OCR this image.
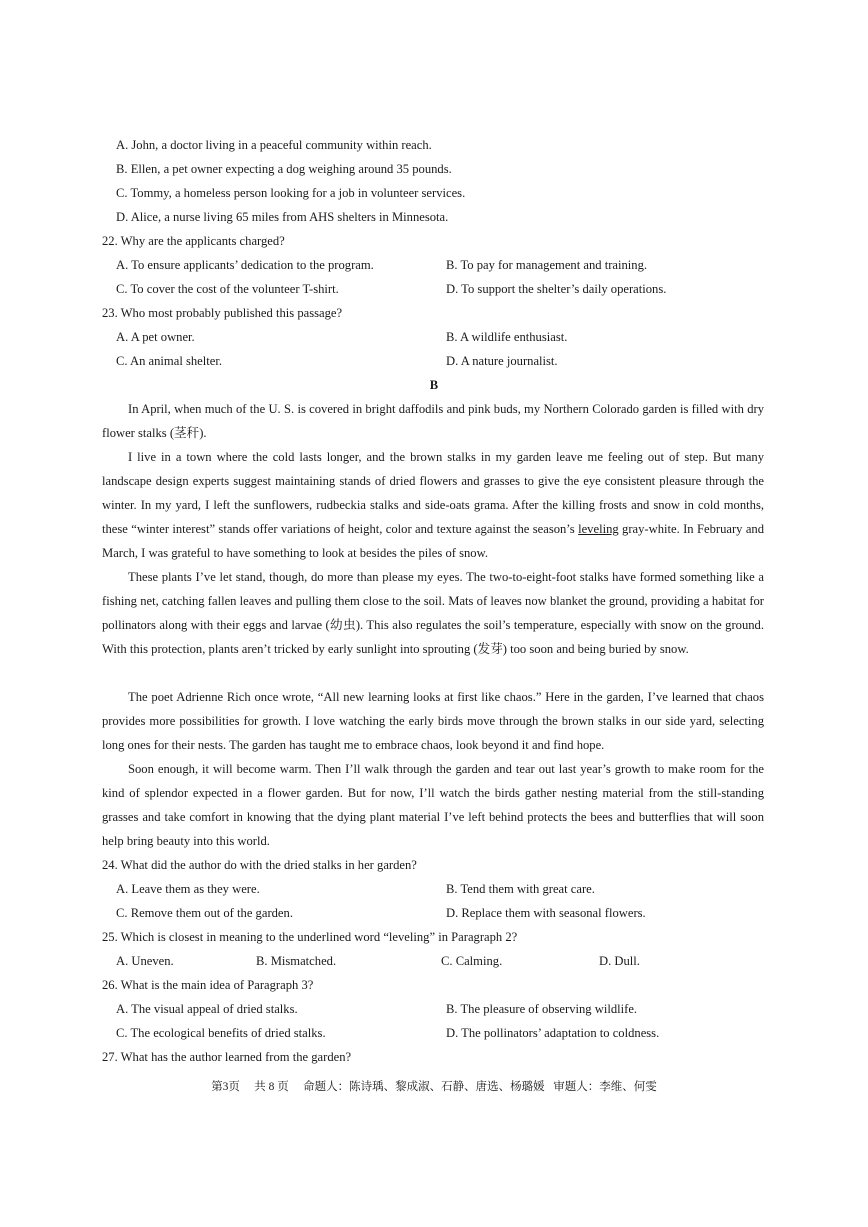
A. John, a doctor living in a peaceful community within reach.
B. Ellen, a pet owner expecting a dog weighing around 35 pounds.
C. Tommy, a homeless person looking for a job in volunteer services.
D. Alice, a nurse living 65 miles from AHS shelters in Minnesota.
22. Why are the applicants charged?
A. To ensure applicants’ dedication to the program.	B. To pay for management and training.
C. To cover the cost of the volunteer T-shirt.	D. To support the shelter’s daily operations.
23. Who most probably published this passage?
A. A pet owner.	B. A wildlife enthusiast.
C. An animal shelter.	D. A nature journalist.
B
In April, when much of the U. S. is covered in bright daffodils and pink buds, my Northern Colorado garden is filled with dry flower stalks (茎秆).
I live in a town where the cold lasts longer, and the brown stalks in my garden leave me feeling out of step. But many landscape design experts suggest maintaining stands of dried flowers and grasses to give the eye consistent pleasure through the winter. In my yard, I left the sunflowers, rudbeckia stalks and side-oats grama. After the killing frosts and snow in cold months, these “winter interest” stands offer variations of height, color and texture against the season’s leveling gray-white. In February and March, I was grateful to have something to look at besides the piles of snow.
These plants I’ve let stand, though, do more than please my eyes. The two-to-eight-foot stalks have formed something like a fishing net, catching fallen leaves and pulling them close to the soil. Mats of leaves now blanket the ground, providing a habitat for pollinators along with their eggs and larvae (幼虫). This also regulates the soil’s temperature, especially with snow on the ground. With this protection, plants aren’t tricked by early sunlight into sprouting (发芽) too soon and being buried by snow.
The poet Adrienne Rich once wrote, “All new learning looks at first like chaos.” Here in the garden, I’ve learned that chaos provides more possibilities for growth. I love watching the early birds move through the brown stalks in our side yard, selecting long ones for their nests. The garden has taught me to embrace chaos, look beyond it and find hope.
Soon enough, it will become warm. Then I’ll walk through the garden and tear out last year’s growth to make room for the kind of splendor expected in a flower garden. But for now, I’ll watch the birds gather nesting material from the still-standing grasses and take comfort in knowing that the dying plant material I’ve left behind protects the bees and butterflies that will soon help bring beauty into this world.
24. What did the author do with the dried stalks in her garden?
A. Leave them as they were.	B. Tend them with great care.
C. Remove them out of the garden.	D. Replace them with seasonal flowers.
25. Which is closest in meaning to the underlined word “leveling” in Paragraph 2?
A. Uneven.	B. Mismatched.	C. Calming.	D. Dull.
26. What is the main idea of Paragraph 3?
A. The visual appeal of dried stalks.	B. The pleasure of observing wildlife.
C. The ecological benefits of dried stalks.	D. The pollinators’ adaptation to coldness.
27. What has the author learned from the garden?
第3页     共 8 页     命题人：陈诗瑀、黎成淑、石静、唐选、杨璐媛   审题人：李维、何雯
